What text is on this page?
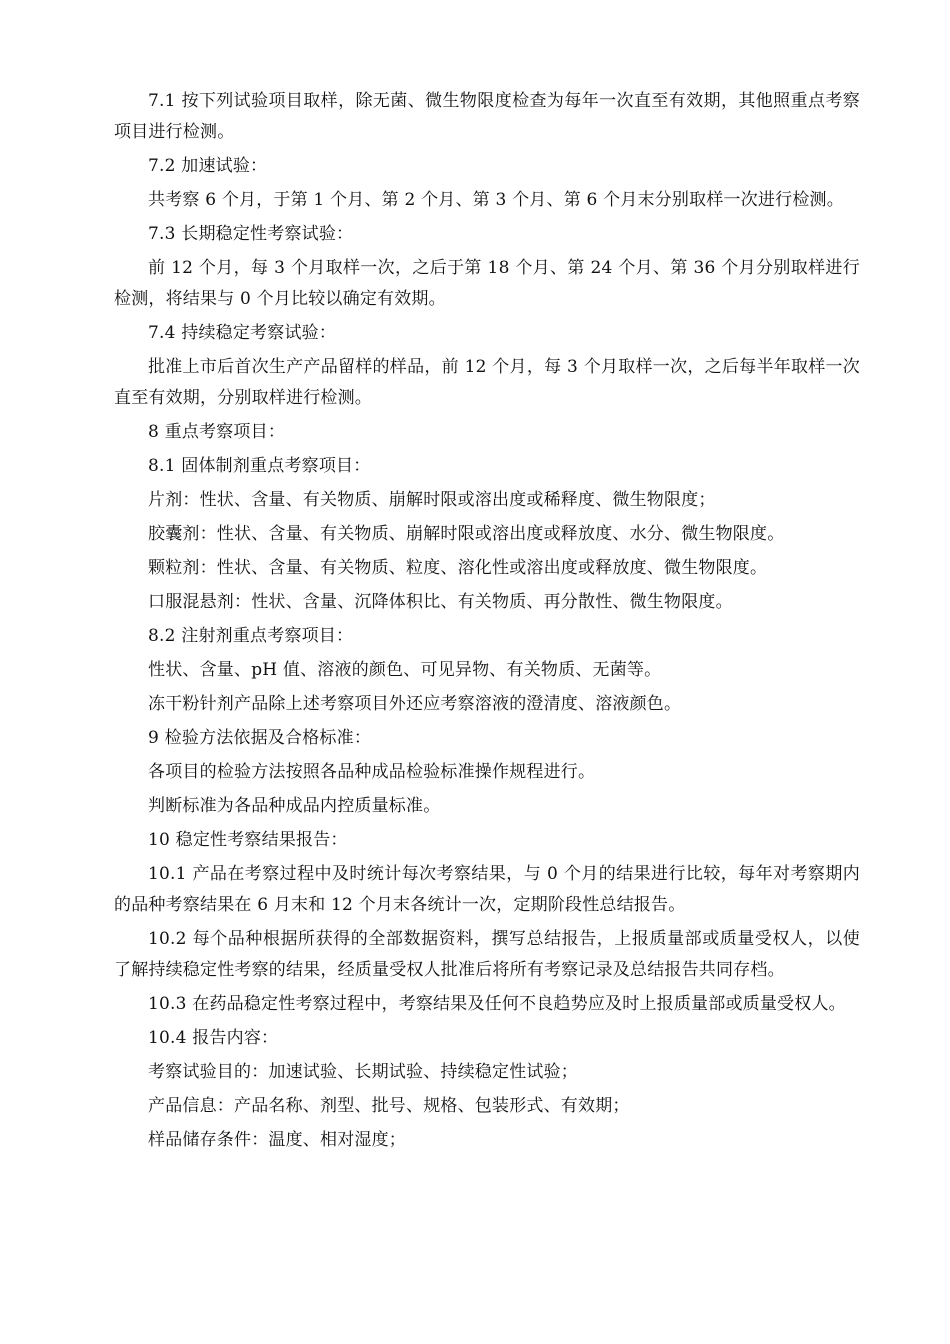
7.1 按下列试验项目取样，除无菌、微生物限度检查为每年一次直至有效期，其他照重点考察项目进行检测。

7.2 加速试验：

共考察 6 个月，于第 1 个月、第 2 个月、第 3 个月、第 6 个月末分别取样一次进行检测。

7.3 长期稳定性考察试验：

前 12 个月，每 3 个月取样一次，之后于第 18 个月、第 24 个月、第 36 个月分别取样进行检测，将结果与 0 个月比较以确定有效期。

7.4 持续稳定考察试验：

批准上市后首次生产产品留样的样品，前 12 个月，每 3 个月取样一次，之后每半年取样一次直至有效期，分别取样进行检测。

8 重点考察项目：

8.1 固体制剂重点考察项目：

片剂：性状、含量、有关物质、崩解时限或溶出度或稀释度、微生物限度；

胶囊剂：性状、含量、有关物质、崩解时限或溶出度或释放度、水分、微生物限度。

颗粒剂：性状、含量、有关物质、粒度、溶化性或溶出度或释放度、微生物限度。

口服混悬剂：性状、含量、沉降体积比、有关物质、再分散性、微生物限度。

8.2 注射剂重点考察项目：

性状、含量、pH 值、溶液的颜色、可见异物、有关物质、无菌等。

冻干粉针剂产品除上述考察项目外还应考察溶液的澄清度、溶液颜色。

9 检验方法依据及合格标准：

各项目的检验方法按照各品种成品检验标准操作规程进行。

判断标准为各品种成品内控质量标准。

10 稳定性考察结果报告：

10.1 产品在考察过程中及时统计每次考察结果，与 0 个月的结果进行比较，每年对考察期内的品种考察结果在 6 月末和 12 个月末各统计一次，定期阶段性总结报告。

10.2 每个品种根据所获得的全部数据资料，撰写总结报告，上报质量部或质量受权人，以使了解持续稳定性考察的结果，经质量受权人批准后将所有考察记录及总结报告共同存档。

10.3 在药品稳定性考察过程中，考察结果及任何不良趋势应及时上报质量部或质量受权人。

10.4 报告内容：

考察试验目的：加速试验、长期试验、持续稳定性试验；

产品信息：产品名称、剂型、批号、规格、包装形式、有效期；

样品储存条件：温度、相对湿度；
